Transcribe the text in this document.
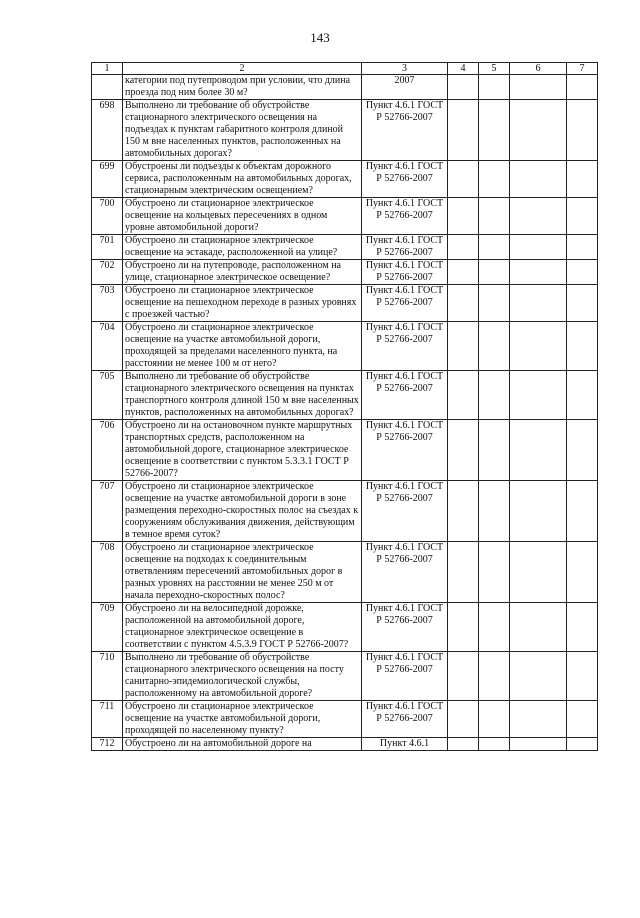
143
1	2	3	4	5	6	7
	категории под путепроводом при условии, что длина проезда под ним более 30 м?	2007				
698	Выполнено ли требование об обустройстве стационарного электрического освещения на подъездах к пунктам габаритного контроля длиной 150 м вне населенных пунктов, расположенных на автомобильных дорогах?	Пункт 4.6.1 ГОСТ Р 52766-2007				
699	Обустроены ли подъезды к объектам дорожного сервиса, расположенным на автомобильных дорогах, стационарным электрическим освещением?	Пункт 4.6.1 ГОСТ Р 52766-2007				
700	Обустроено ли стационарное электрическое освещение на кольцевых пересечениях в одном уровне автомобильной дороги?	Пункт 4.6.1 ГОСТ Р 52766-2007				
701	Обустроено ли стационарное электрическое освещение на эстакаде, расположенной на улице?	Пункт 4.6.1 ГОСТ Р 52766-2007				
702	Обустроено ли на путепроводе, расположенном на улице, стационарное электрическое освещение?	Пункт 4.6.1 ГОСТ Р 52766-2007				
703	Обустроено ли стационарное электрическое освещение на пешеходном переходе в разных уровнях с проезжей частью?	Пункт 4.6.1 ГОСТ Р 52766-2007				
704	Обустроено ли стационарное электрическое освещение на участке автомобильной дороги, проходящей за пределами населенного пункта, на расстоянии не менее 100 м от него?	Пункт 4.6.1 ГОСТ Р 52766-2007				
705	Выполнено ли требование об обустройстве стационарного электрического освещения на пунктах транспортного контроля длиной 150 м вне населенных пунктов, расположенных на автомобильных дорогах?	Пункт 4.6.1 ГОСТ Р 52766-2007				
706	Обустроено ли на остановочном пункте маршрутных транспортных средств, расположенном на автомобильной дороге, стационарное электрическое освещение в соответствии с пунктом 5.3.3.1 ГОСТ Р 52766-2007?	Пункт 4.6.1 ГОСТ Р 52766-2007				
707	Обустроено ли стационарное электрическое освещение на участке автомобильной дороги в зоне размещения переходно-скоростных полос на съездах к сооружениям обслуживания движения, действующим в темное время суток?	Пункт 4.6.1 ГОСТ Р 52766-2007				
708	Обустроено ли стационарное электрическое освещение на подходах к соединительным ответвлениям пересечений автомобильных дорог в разных уровнях на расстоянии не менее 250 м от начала переходно-скоростных полос?	Пункт 4.6.1 ГОСТ Р 52766-2007				
709	Обустроено ли на велосипедной дорожке, расположенной на автомобильной дороге, стационарное электрическое освещение в соответствии с пунктом 4.5.3.9 ГОСТ Р 52766-2007?	Пункт 4.6.1 ГОСТ Р 52766-2007				
710	Выполнено ли требование об обустройстве стационарного электрического освещения на посту санитарно-эпидемиологической службы, расположенному на автомобильной дороге?	Пункт 4.6.1 ГОСТ Р 52766-2007				
711	Обустроено ли стационарное электрическое освещение на участке автомобильной дороги, проходящей по населенному пункту?	Пункт 4.6.1 ГОСТ Р 52766-2007				
712	Обустроено ли на автомобильной дороге на	Пункт 4.6.1				
